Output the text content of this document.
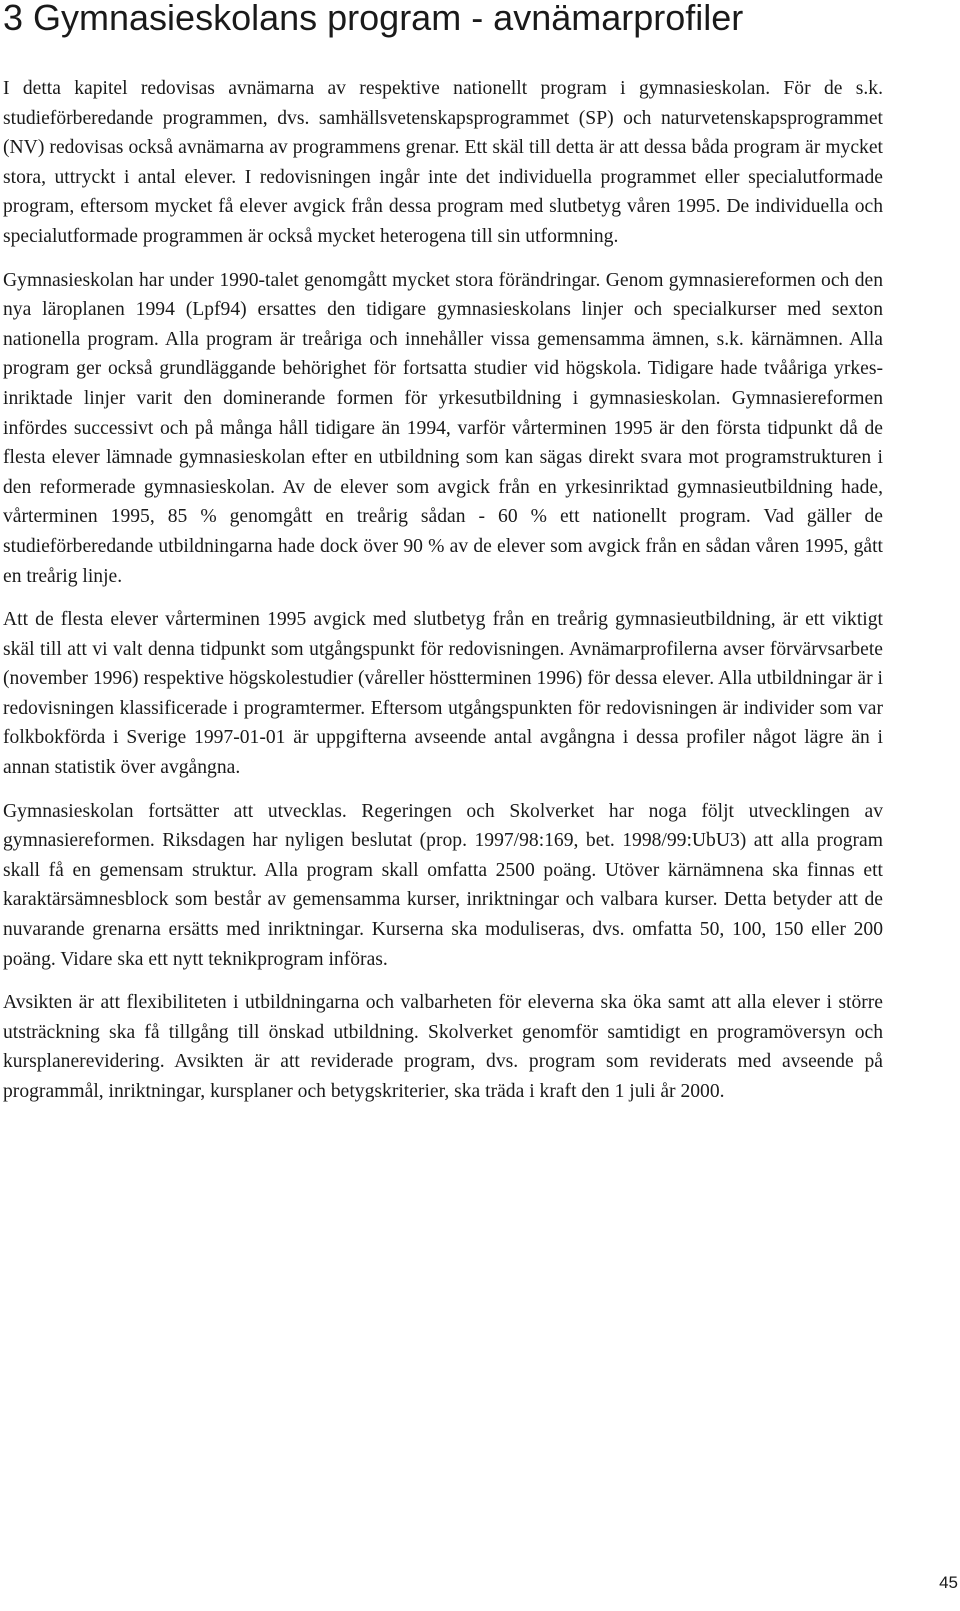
3 Gymnasieskolans program - avnämarprofiler

I detta kapitel redovisas avnämarna av respektive nationellt program i gymnasieskolan. För de s.k. studieförberedande programmen, dvs. samhällsvetenskapsprogrammet (SP) och naturvetenskapsprogrammet (NV) redovisas också avnämarna av programmens grenar. Ett skäl till detta är att dessa båda program är mycket stora, uttryckt i antal elever. I redovisningen ingår inte det individuella programmet eller specialutformade program, eftersom mycket få elever avgick från dessa program med slutbetyg våren 1995. De individuella och specialutformade programmen är också mycket heterogena till sin utformning.

Gymnasieskolan har under 1990-talet genomgått mycket stora förändringar. Genom gymnasiereformen och den nya läroplanen 1994 (Lpf94) ersattes den tidigare gymnasieskolans linjer och specialkurser med sexton nationella program. Alla program är treåriga och innehåller vissa gemensamma ämnen, s.k. kärnämnen. Alla program ger också grundläggande behörighet för fortsatta studier vid högskola. Tidigare hade tvååriga yrkesinriktade linjer varit den dominerande formen för yrkesutbildning i gymnasieskolan. Gymnasiereformen infördes successivt och på många håll tidigare än 1994, varför vårterminen 1995 är den första tidpunkt då de flesta elever lämnade gymnasieskolan efter en utbildning som kan sägas direkt svara mot programstrukturen i den reformerade gymnasieskolan. Av de elever som avgick från en yrkesinriktad gymnasieutbildning hade, vårterminen 1995, 85 % genomgått en treårig sådan - 60 % ett nationellt program. Vad gäller de studieförberedande utbildningarna hade dock över 90 % av de elever som avgick från en sådan våren 1995, gått en treårig linje.

Att de flesta elever vårterminen 1995 avgick med slutbetyg från en treårig gymnasieutbildning, är ett viktigt skäl till att vi valt denna tidpunkt som utgångspunkt för redovisningen. Avnämarprofilerna avser förvärvsarbete (november 1996) respektive högskolestudier (våreller höstterminen 1996) för dessa elever. Alla utbildningar är i redovisningen klassificerade i programtermer. Eftersom utgångspunkten för redovisningen är individer som var folkbokförda i Sverige 1997-01-01 är uppgifterna avseende antal avgångna i dessa profiler något lägre än i annan statistik över avgångna.

Gymnasieskolan fortsätter att utvecklas. Regeringen och Skolverket har noga följt utvecklingen av gymnasiereformen. Riksdagen har nyligen beslutat (prop. 1997/98:169, bet. 1998/99:UbU3) att alla program skall få en gemensam struktur. Alla program skall omfatta 2500 poäng. Utöver kärnämnena ska finnas ett karaktärsämnesblock som består av gemensamma kurser, inriktningar och valbara kurser. Detta betyder att de nuvarande grenarna ersätts med inriktningar. Kurserna ska moduliseras, dvs. omfatta 50, 100, 150 eller 200 poäng. Vidare ska ett nytt teknikprogram införas.

Avsikten är att flexibiliteten i utbildningarna och valbarheten för eleverna ska öka samt att alla elever i större utsträckning ska få tillgång till önskad utbildning. Skolverket genomför samtidigt en programöversyn och kursplanerevidering. Avsikten är att reviderade program, dvs. program som reviderats med avseende på programmål, inriktningar, kursplaner och betygskriterier, ska träda i kraft den 1 juli år 2000.

45
